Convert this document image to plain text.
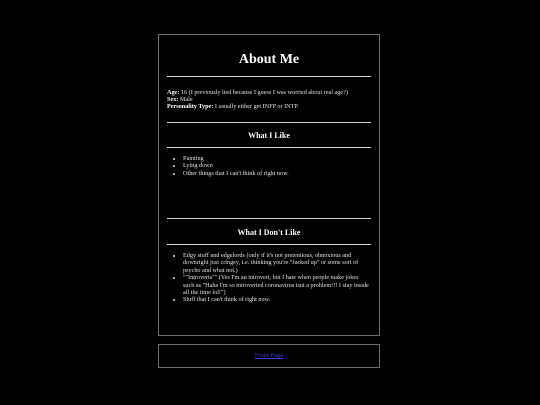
About Me
Age: 16 (I previously lied because I guess I was worried about real age?)
Sex: Male
Personality Type: I usually either get INFP or INTP.
What I Like
• Painting
• Lying down
• Other things that I can't think of right now.
What I Don't Like
• Edgy stuff and edgelords (only if it's not pretentious, obnoxious and downright just cringey, i.e. thinking you're "fucked up" or some sort of psycho and what not.)
• ""Introverts"" (Yes I'm an introvert, but I hate when people make jokes such as "Haha I'm so introverted coronavirus isnt a problem!!! I stay inside all the time lol!")
• Stuff that I can't think of right now.
Front Page
